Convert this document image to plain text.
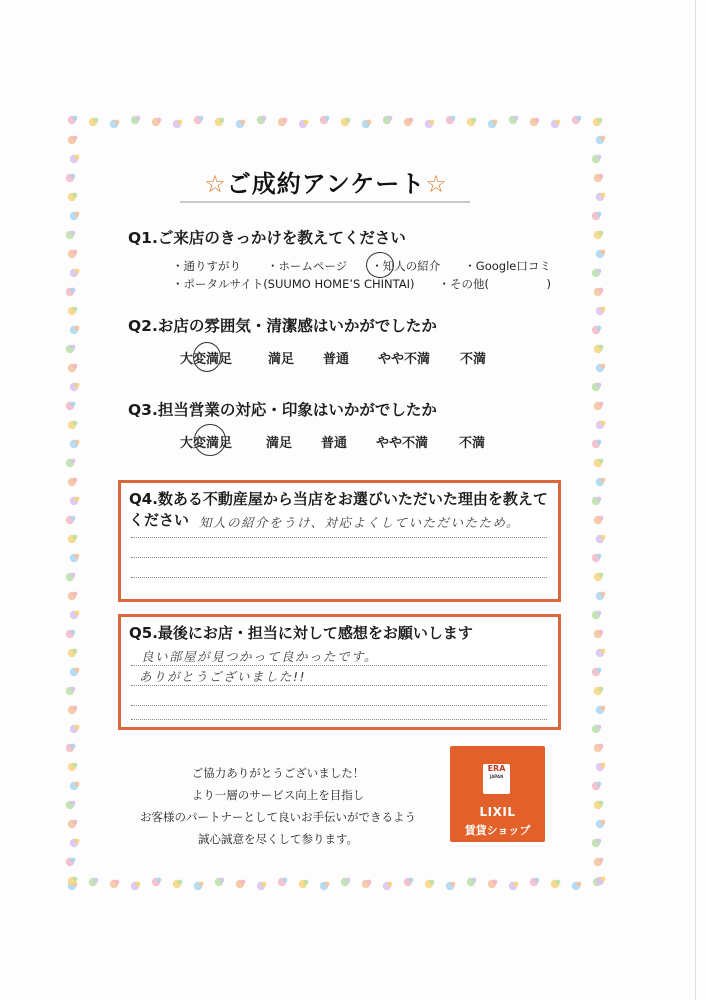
☆ご成約アンケート☆
Q1.ご来店のきっかけを教えてください
・通りすがり ・ホームページ ・知人の紹介 ・Google口コミ
・ポータルサイト(SUUMO HOME’S CHINTAI) ・その他(　　　　　)
Q2.お店の雰囲気・清潔感はいかがでしたか
大変満足	満足 普通 やや不満 不満
Q3.担当営業の対応・印象はいかがでしたか
大変満足	満足 普通 やや不満 不満
Q4.数ある不動産屋から当店をお選びいただいた理由を教えて
ください 知人の紹介をうけ、対応よくしていただいたため。
Q5.最後にお店・担当に対して感想をお願いします
良い部屋が見つかって良かったです。
ありがとうございました!!
ご協力ありがとうございました！
より一層のサービス向上を目指し
お客様のパートナーとして良いお手伝いができるよう
誠心誠意を尽くして参ります。
ERA
JAPAN
LIXIL
賃貸ショップ
